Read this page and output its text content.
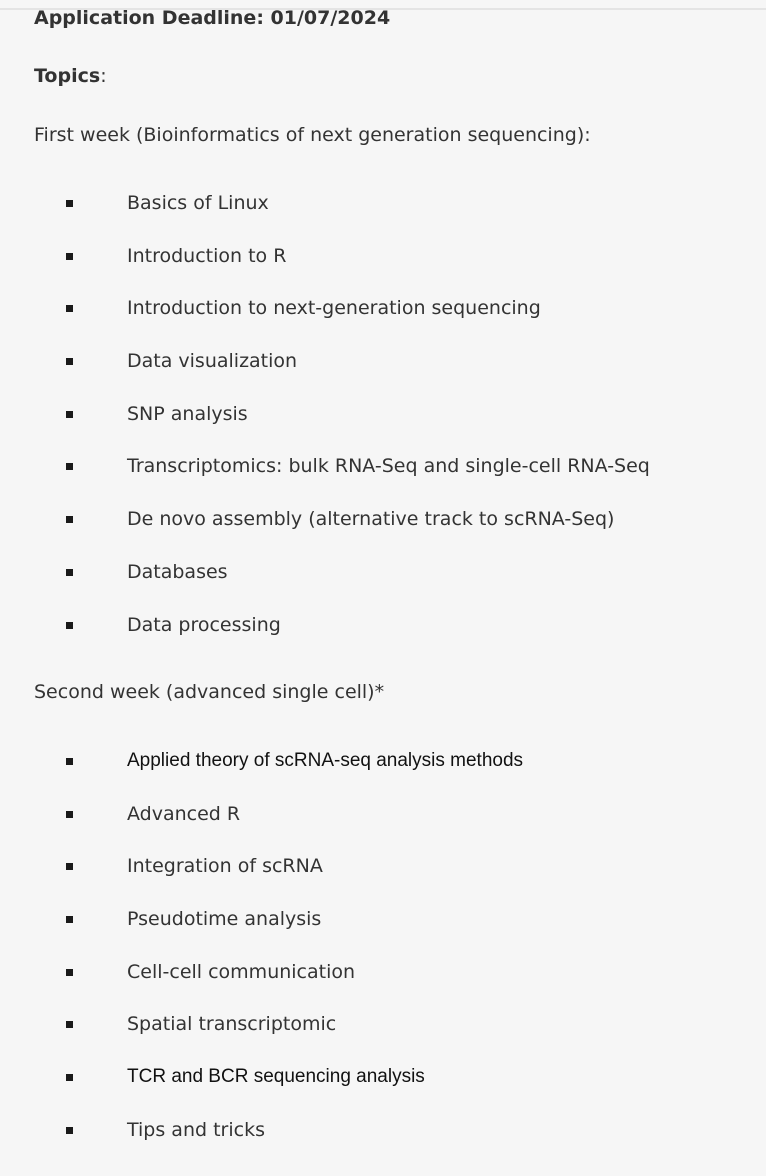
Application Deadline: 01/07/2024
Topics:
First week (Bioinformatics of next generation sequencing):
Basics of Linux
Introduction to R
Introduction to next-generation sequencing
Data visualization
SNP analysis
Transcriptomics: bulk RNA-Seq and single-cell RNA-Seq
De novo assembly (alternative track to scRNA-Seq)
Databases
Data processing
Second week (advanced single cell)*
Applied theory of scRNA-seq analysis methods
Advanced R
Integration of scRNA
Pseudotime analysis
Cell-cell communication
Spatial transcriptomic
TCR and BCR sequencing analysis
Tips and tricks
